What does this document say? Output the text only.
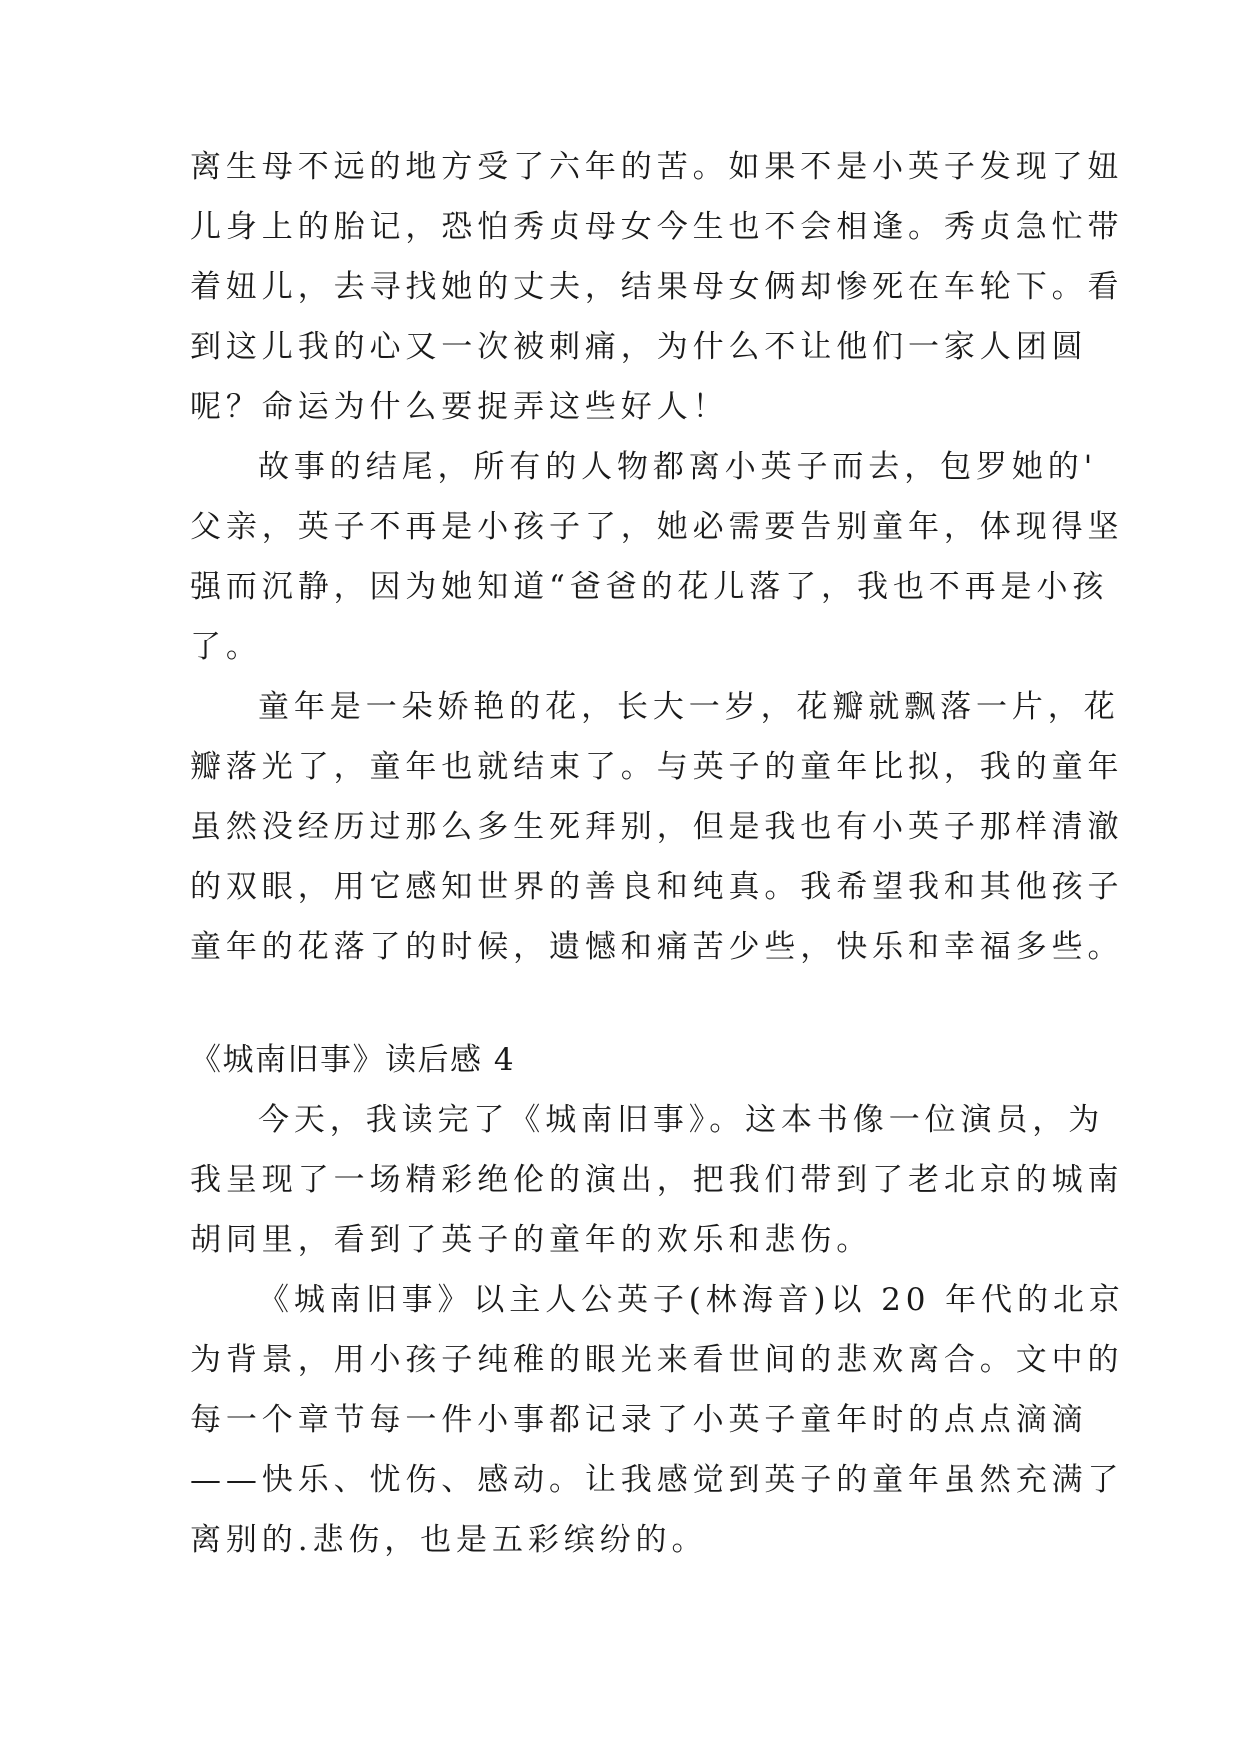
离生母不远的地方受了六年的苦。如果不是小英子发现了妞
儿身上的胎记，恐怕秀贞母女今生也不会相逢。秀贞急忙带
着妞儿，去寻找她的丈夫，结果母女俩却惨死在车轮下。看
到这儿我的心又一次被刺痛，为什么不让他们一家人团圆
呢？命运为什么要捉弄这些好人！
故事的结尾，所有的人物都离小英子而去，包罗她的'
父亲，英子不再是小孩子了，她必需要告别童年，体现得坚
强而沉静，因为她知道“爸爸的花儿落了，我也不再是小孩
了。
童年是一朵娇艳的花，长大一岁，花瓣就飘落一片，花
瓣落光了，童年也就结束了。与英子的童年比拟，我的童年
虽然没经历过那么多生死拜别，但是我也有小英子那样清澈
的双眼，用它感知世界的善良和纯真。我希望我和其他孩子
童年的花落了的时候，遗憾和痛苦少些，快乐和幸福多些。
《城南旧事》读后感 4
今天，我读完了《城南旧事》。这本书像一位演员，为
我呈现了一场精彩绝伦的演出，把我们带到了老北京的城南
胡同里，看到了英子的童年的欢乐和悲伤。
《城南旧事》以主人公英子(林海音)以 20 年代的北京
为背景，用小孩子纯稚的眼光来看世间的悲欢离合。文中的
每一个章节每一件小事都记录了小英子童年时的点点滴滴
——快乐、忧伤、感动。让我感觉到英子的童年虽然充满了
离别的.悲伤，也是五彩缤纷的。
